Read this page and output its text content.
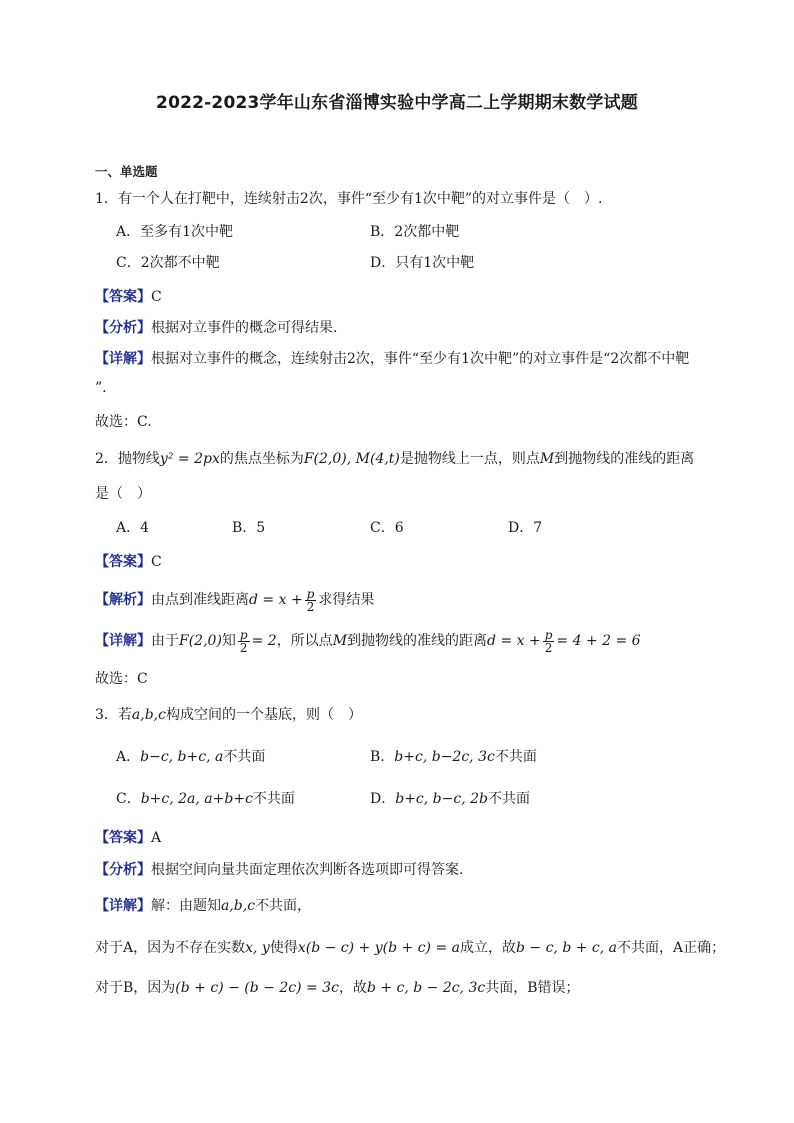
2022-2023学年山东省淄博实验中学高二上学期期末数学试题
一、单选题
1．有一个人在打靶中，连续射击2次，事件“至少有1次中靶”的对立事件是（　）.
A．至多有1次中靶	B．2次都中靶
C．2次都不中靶	D．只有1次中靶
【答案】C
【分析】根据对立事件的概念可得结果.
【详解】根据对立事件的概念，连续射击2次，事件“至少有1次中靶”的对立事件是“2次都不中靶
”.
故选：C.
2．抛物线y² = 2px的焦点坐标为F(2,0), M(4,t)是抛物线上一点，则点M到抛物线的准线的距离
是（　）
A．4	B．5	C．6	D．7
【答案】C
【解析】由点到准线距离$d = x + \frac{p}{2}$ 求得结果
【详解】由于F(2,0)知 $\frac{p}{2} = 2$，所以点M到抛物线的准线的距离$d = x + \frac{p}{2} = 4 + 2 = 6$
故选：C
3．若a,b,c构成空间的一个基底，则（　）
A．b−c, b+c, a不共面	B．b+c, b−2c, 3c不共面
C．b+c, 2a, a+b+c不共面	D．b+c, b−c, 2b不共面
【答案】A
【分析】根据空间向量共面定理依次判断各选项即可得答案.
【详解】解：由题知a,b,c不共面，
对于A，因为不存在实数x, y使得x(b − c) + y(b + c) = a成立，故b − c, b + c, a不共面，A正确；
对于B，因为(b + c) − (b − 2c) = 3c，故b + c, b − 2c, 3c共面，B错误；
